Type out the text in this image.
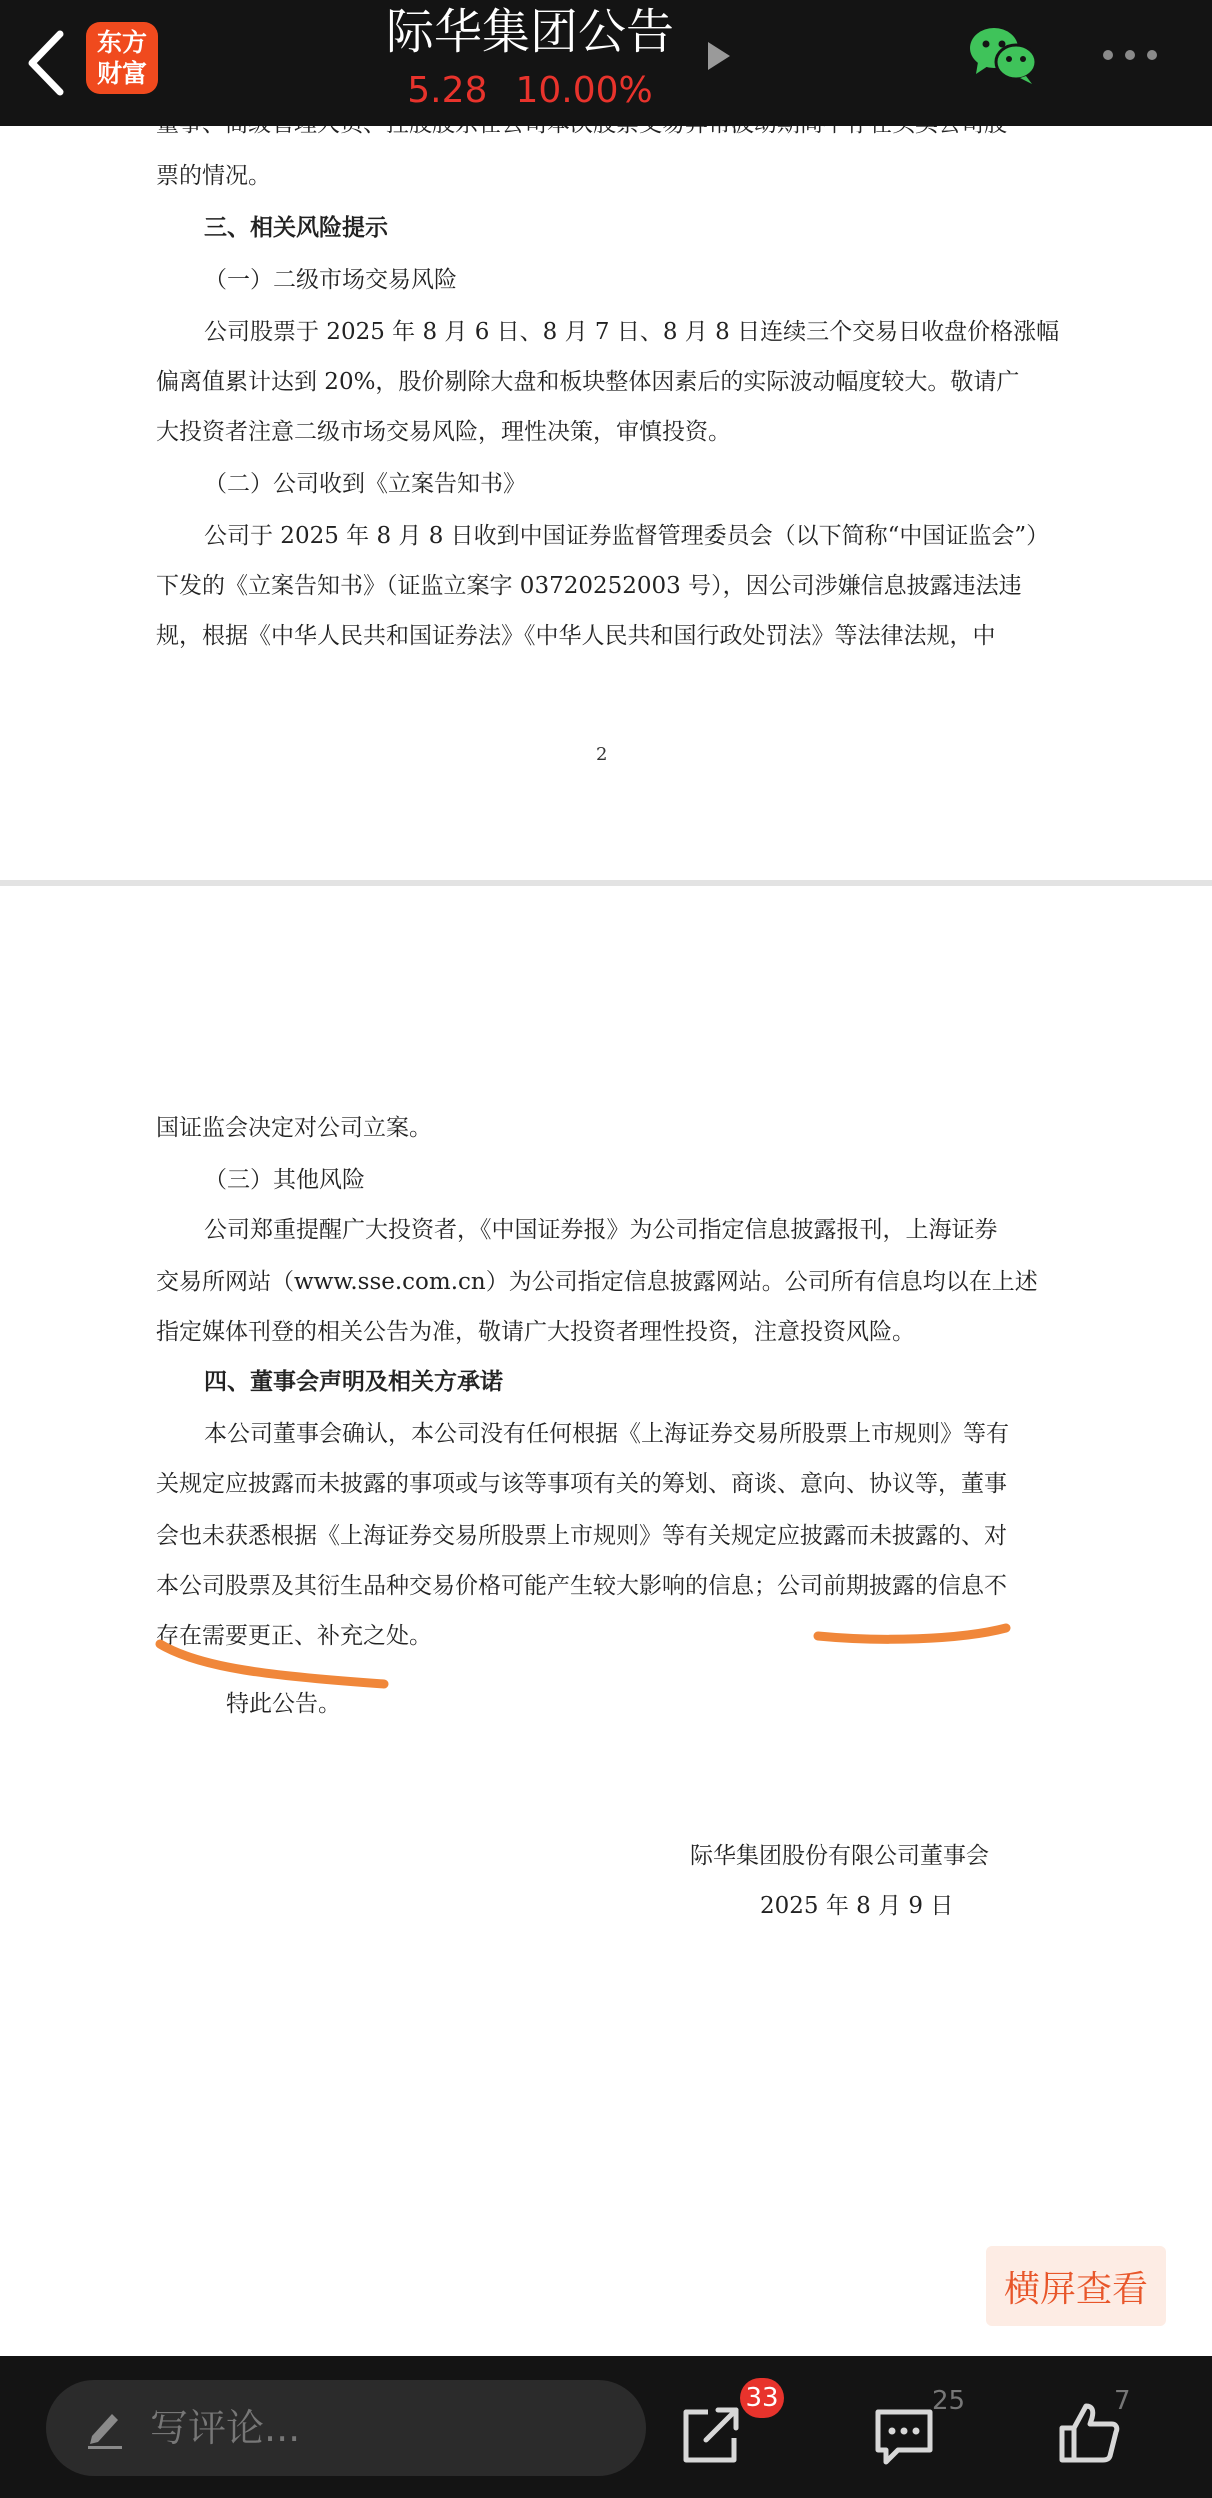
东方
财富
际华集团公告
5.28 10.00%
票的情况。
三、相关风险提示
（一）二级市场交易风险
公司股票于 2025 年 8 月 6 日、8 月 7 日、8 月 8 日连续三个交易日收盘价格涨幅
偏离值累计达到 20%，股价剔除大盘和板块整体因素后的实际波动幅度较大。敬请广
大投资者注意二级市场交易风险，理性决策，审慎投资。
（二）公司收到《立案告知书》
公司于 2025 年 8 月 8 日收到中国证券监督管理委员会（以下简称“中国证监会”）
下发的《立案告知书》（证监立案字 03720252003 号），因公司涉嫌信息披露违法违
规，根据《中华人民共和国证券法》《中华人民共和国行政处罚法》等法律法规，中
2
国证监会决定对公司立案。
（三）其他风险
公司郑重提醒广大投资者，《中国证券报》为公司指定信息披露报刊，上海证券
交易所网站（www.sse.com.cn）为公司指定信息披露网站。公司所有信息均以在上述
指定媒体刊登的相关公告为准，敬请广大投资者理性投资，注意投资风险。
四、董事会声明及相关方承诺
本公司董事会确认，本公司没有任何根据《上海证券交易所股票上市规则》等有
关规定应披露而未披露的事项或与该等事项有关的筹划、商谈、意向、协议等，董事
会也未获悉根据《上海证券交易所股票上市规则》等有关规定应披露而未披露的、对
本公司股票及其衍生品种交易价格可能产生较大影响的信息；公司前期披露的信息不
存在需要更正、补充之处。
特此公告。
际华集团股份有限公司董事会
2025 年 8 月 9 日
横屏查看
写评论...
33	25	7
